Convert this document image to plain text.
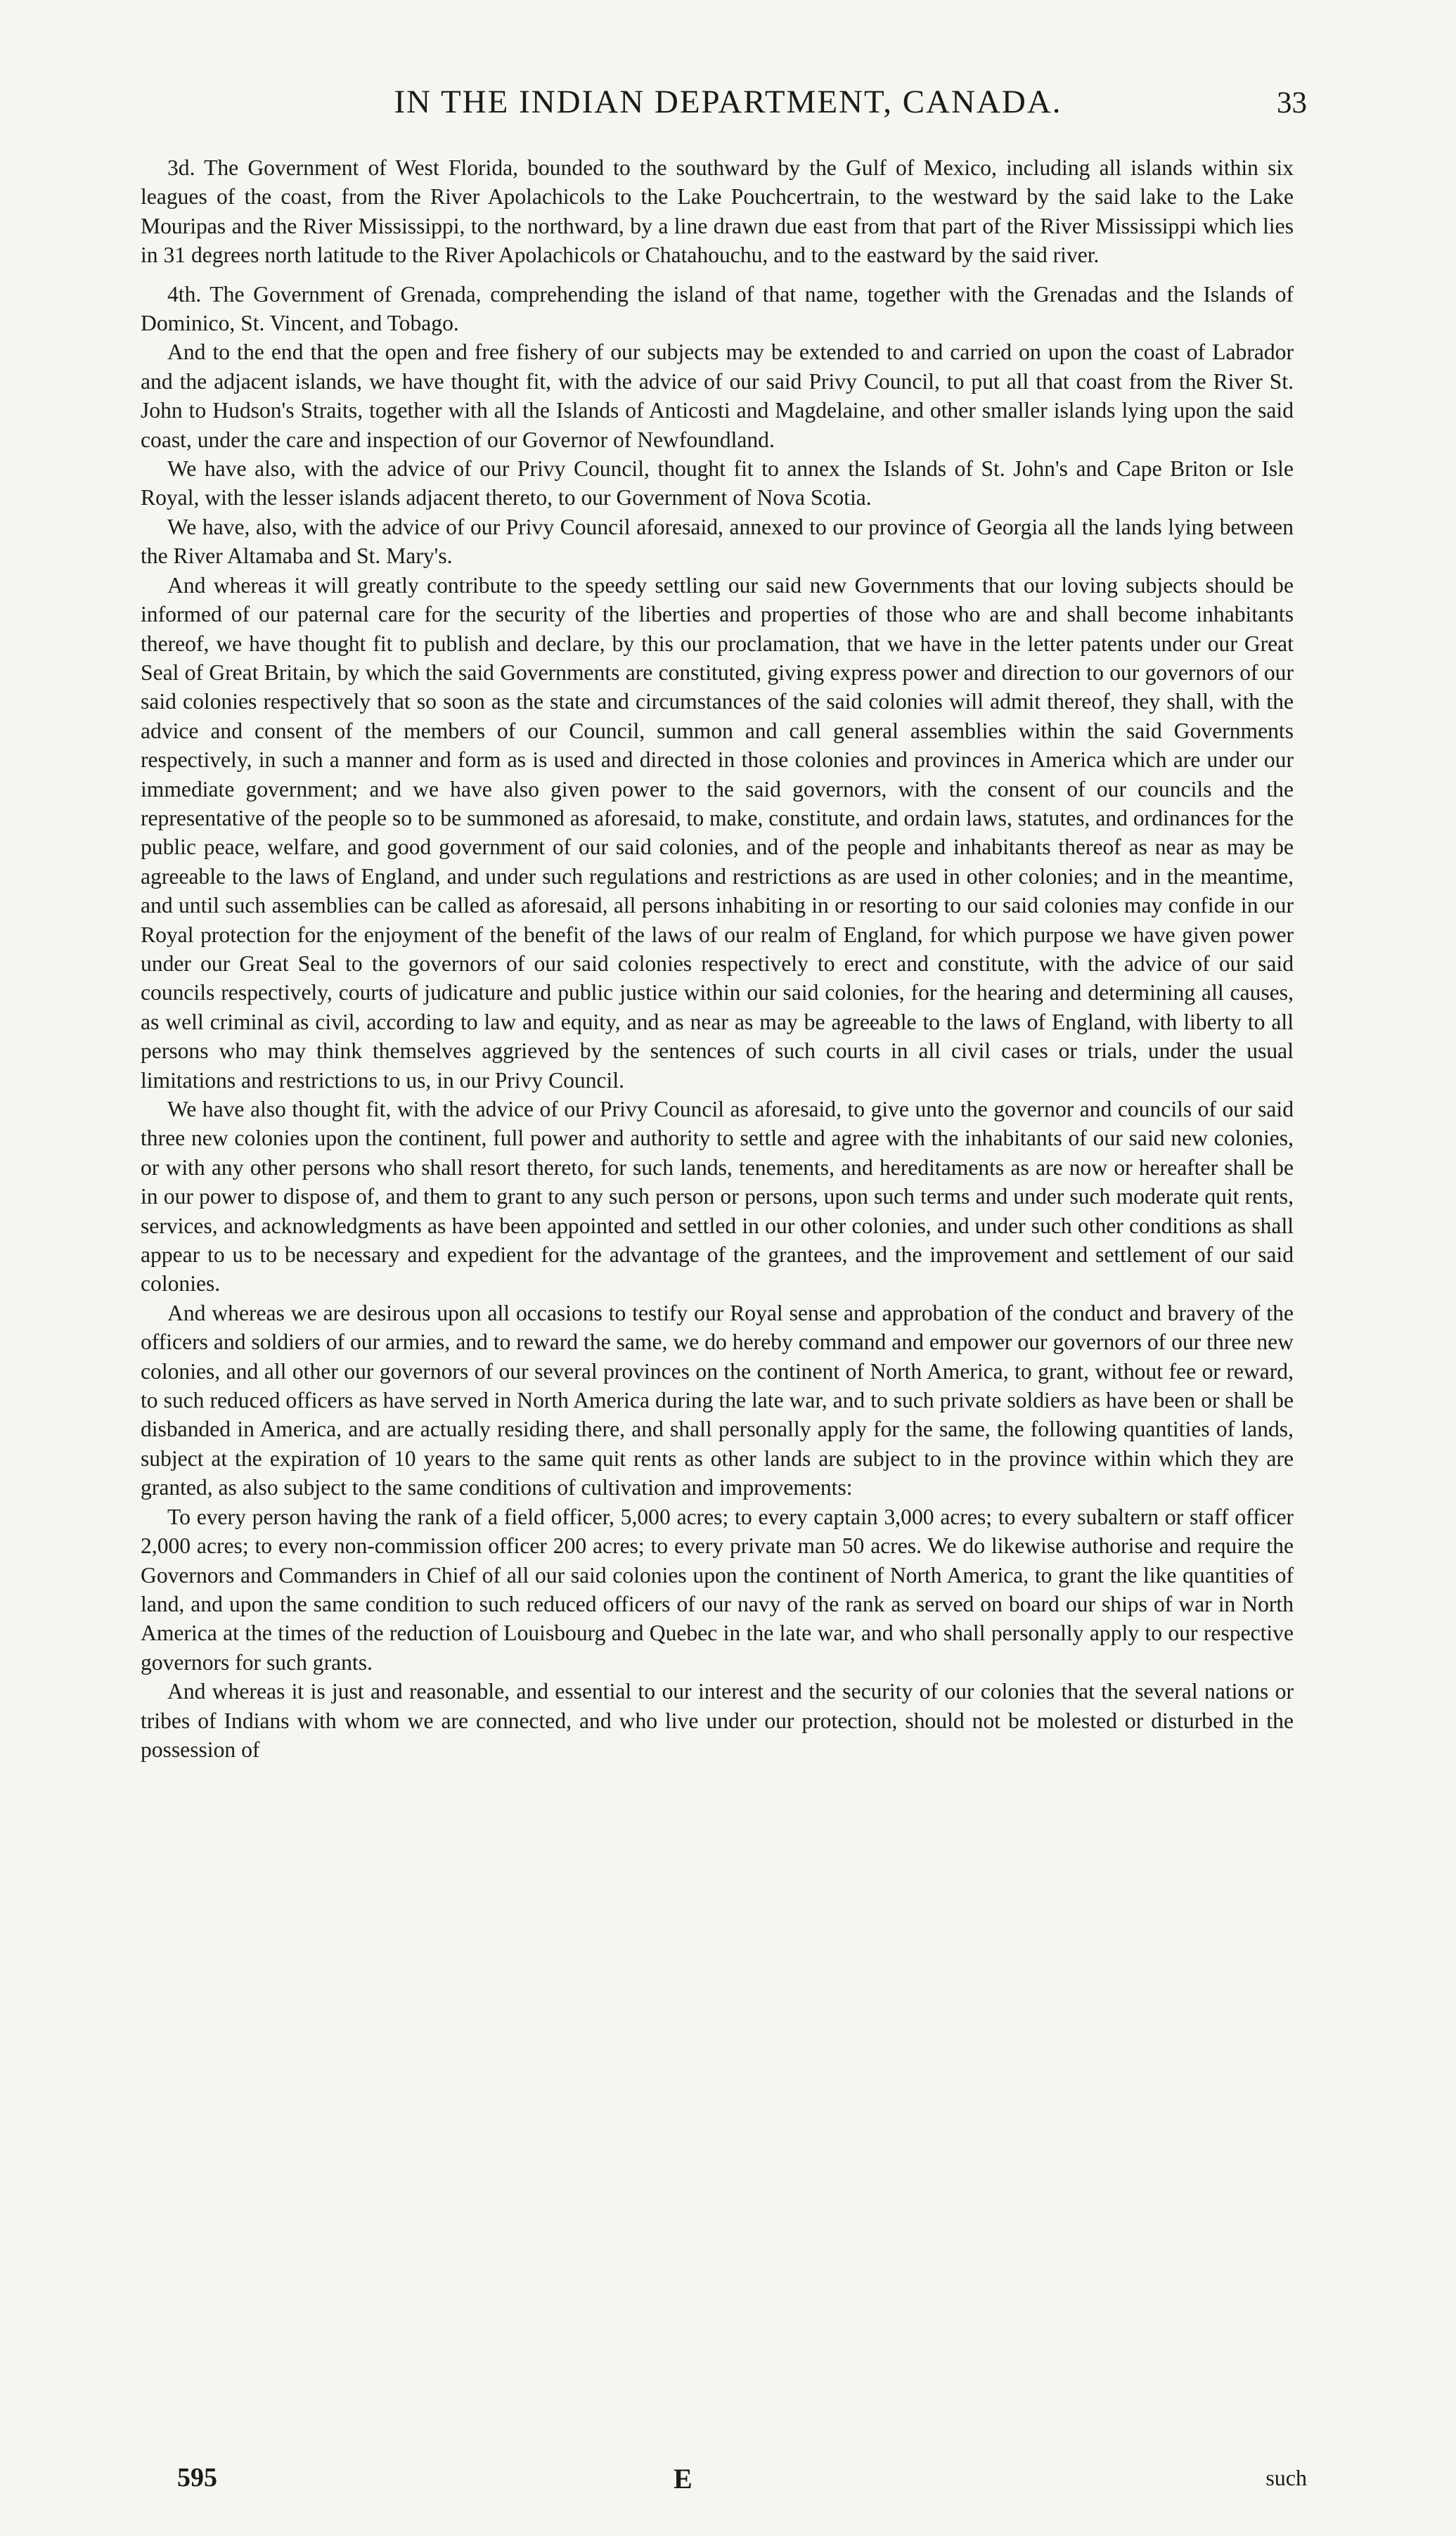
IN THE INDIAN DEPARTMENT, CANADA.	33

3d. The Government of West Florida, bounded to the southward by the Gulf of Mexico, including all islands within six leagues of the coast, from the River Apolachicols to the Lake Pouchcertrain, to the westward by the said lake to the Lake Mouripas and the River Mississippi, to the northward, by a line drawn due east from that part of the River Mississippi which lies in 31 degrees north latitude to the River Apolachicols or Chatahouchu, and to the eastward by the said river.

4th. The Government of Grenada, comprehending the island of that name, together with the Grenadas and the Islands of Dominico, St. Vincent, and Tobago.

And to the end that the open and free fishery of our subjects may be extended to and carried on upon the coast of Labrador and the adjacent islands, we have thought fit, with the advice of our said Privy Council, to put all that coast from the River St. John to Hudson's Straits, together with all the Islands of Anticosti and Magdelaine, and other smaller islands lying upon the said coast, under the care and inspection of our Governor of Newfoundland.

We have also, with the advice of our Privy Council, thought fit to annex the Islands of St. John's and Cape Briton or Isle Royal, with the lesser islands adjacent thereto, to our Government of Nova Scotia.

We have, also, with the advice of our Privy Council aforesaid, annexed to our province of Georgia all the lands lying between the River Altamaba and St. Mary's.

And whereas it will greatly contribute to the speedy settling our said new Governments that our loving subjects should be informed of our paternal care for the security of the liberties and properties of those who are and shall become inhabitants thereof, we have thought fit to publish and declare, by this our proclamation, that we have in the letter patents under our Great Seal of Great Britain, by which the said Governments are constituted, giving express power and direction to our governors of our said colonies respectively that so soon as the state and circumstances of the said colonies will admit thereof, they shall, with the advice and consent of the members of our Council, summon and call general assemblies within the said Governments respectively, in such a manner and form as is used and directed in those colonies and provinces in America which are under our immediate government; and we have also given power to the said governors, with the consent of our councils and the representative of the people so to be summoned as aforesaid, to make, constitute, and ordain laws, statutes, and ordinances for the public peace, welfare, and good government of our said colonies, and of the people and inhabitants thereof as near as may be agreeable to the laws of England, and under such regulations and restrictions as are used in other colonies; and in the meantime, and until such assemblies can be called as aforesaid, all persons inhabiting in or resorting to our said colonies may confide in our Royal protection for the enjoyment of the benefit of the laws of our realm of England, for which purpose we have given power under our Great Seal to the governors of our said colonies respectively to erect and constitute, with the advice of our said councils respectively, courts of judicature and public justice within our said colonies, for the hearing and determining all causes, as well criminal as civil, according to law and equity, and as near as may be agreeable to the laws of England, with liberty to all persons who may think themselves aggrieved by the sentences of such courts in all civil cases or trials, under the usual limitations and restrictions to us, in our Privy Council.

We have also thought fit, with the advice of our Privy Council as aforesaid, to give unto the governor and councils of our said three new colonies upon the continent, full power and authority to settle and agree with the inhabitants of our said new colonies, or with any other persons who shall resort thereto, for such lands, tenements, and hereditaments as are now or hereafter shall be in our power to dispose of, and them to grant to any such person or persons, upon such terms and under such moderate quit rents, services, and acknowledgments as have been appointed and settled in our other colonies, and under such other conditions as shall appear to us to be necessary and expedient for the advantage of the grantees, and the improvement and settlement of our said colonies.

And whereas we are desirous upon all occasions to testify our Royal sense and approbation of the conduct and bravery of the officers and soldiers of our armies, and to reward the same, we do hereby command and empower our governors of our three new colonies, and all other our governors of our several provinces on the continent of North America, to grant, without fee or reward, to such reduced officers as have served in North America during the late war, and to such private soldiers as have been or shall be disbanded in America, and are actually residing there, and shall personally apply for the same, the following quantities of lands, subject at the expiration of 10 years to the same quit rents as other lands are subject to in the province within which they are granted, as also subject to the same conditions of cultivation and improvements:

To every person having the rank of a field officer, 5,000 acres; to every captain 3,000 acres; to every subaltern or staff officer 2,000 acres; to every non-commission officer 200 acres; to every private man 50 acres. We do likewise authorise and require the Governors and Commanders in Chief of all our said colonies upon the continent of North America, to grant the like quantities of land, and upon the same condition to such reduced officers of our navy of the rank as served on board our ships of war in North America at the times of the reduction of Louisbourg and Quebec in the late war, and who shall personally apply to our respective governors for such grants.

And whereas it is just and reasonable, and essential to our interest and the security of our colonies that the several nations or tribes of Indians with whom we are connected, and who live under our protection, should not be molested or disturbed in the possession of

595	E	such
